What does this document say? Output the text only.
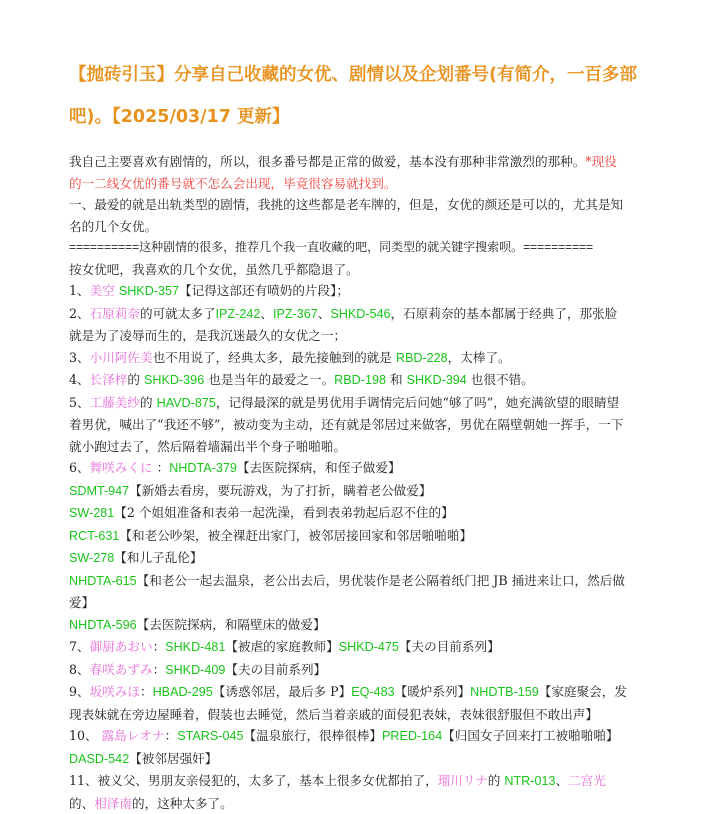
【抛砖引玉】分享自己收藏的女优、剧情以及企划番号(有简介，一百多部吧)。【2025/03/17 更新】

我自己主要喜欢有剧情的，所以，很多番号都是正常的做爱，基本没有那种非常激烈的那种。*现役的一二线女优的番号就不怎么会出现，毕竟很容易就找到。

一、最爱的就是出轨类型的剧情，我挑的这些都是老车牌的，但是，女优的颜还是可以的，尤其是知名的几个女优。

==========这种剧情的很多，推荐几个我一直收藏的吧，同类型的就关键字搜索呗。==========

按女优吧，我喜欢的几个女优，虽然几乎都隐退了。

1、美空 SHKD-357【记得这部还有喷奶的片段】；

2、石原莉奈的可就太多了IPZ-242、IPZ-367、SHKD-546，石原莉奈的基本都属于经典了，那张脸就是为了凌辱而生的，是我沉迷最久的女优之一；

3、小川阿佐美也不用说了，经典太多，最先接触到的就是 RBD-228，太棒了。

4、长泽梓的 SHKD-396 也是当年的最爱之一。RBD-198 和 SHKD-394 也很不错。

5、工藤美纱的 HAVD-875，记得最深的就是男优用手调情完后问她“够了吗”，她充满欲望的眼睛望着男优，喊出了“我还不够”，被动变为主动，还有就是邻居过来做客，男优在隔壁朝她一挥手，一下就小跑过去了，然后隔着墙漏出半个身子啪啪啪。

6、舞咲みくに ：NHDTA-379【去医院探病，和侄子做爱】

SDMT-947【新婚去看房，要玩游戏，为了打折，瞒着老公做爱】

SW-281【2 个姐姐准备和表弟一起洗澡，看到表弟勃起后忍不住的】

RCT-631【和老公吵架，被全裸赶出家门，被邻居接回家和邻居啪啪啪】

SW-278【和儿子乱伦】

NHDTA-615【和老公一起去温泉，老公出去后，男优装作是老公隔着纸门把 JB 捅进来让口，然后做爱】

NHDTA-596【去医院探病，和隔壁床的做爱】

7、御厨あおい：SHKD-481【被虐的家庭教师】SHKD-475【夫の目前系列】

8、春咲あずみ：SHKD-409【夫の目前系列】

9、坂咲みほ：HBAD-295【诱惑邻居，最后多 P】EQ-483【暖炉系列】NHDTB-159【家庭聚会，发现表妹就在旁边屋睡着，假装也去睡觉，然后当着亲戚的面侵犯表妹，表妹很舒服但不敢出声】

10、 露島レオナ：STARS-045【温泉旅行，很棒很棒】PRED-164【归国女子回来打工被啪啪啪】 DASD-542【被邻居强奸】

11、被义父、男朋友亲侵犯的，太多了，基本上很多女优都拍了，瑠川リナ的 NTR-013、二宫光的、相泽南的，这种太多了。
